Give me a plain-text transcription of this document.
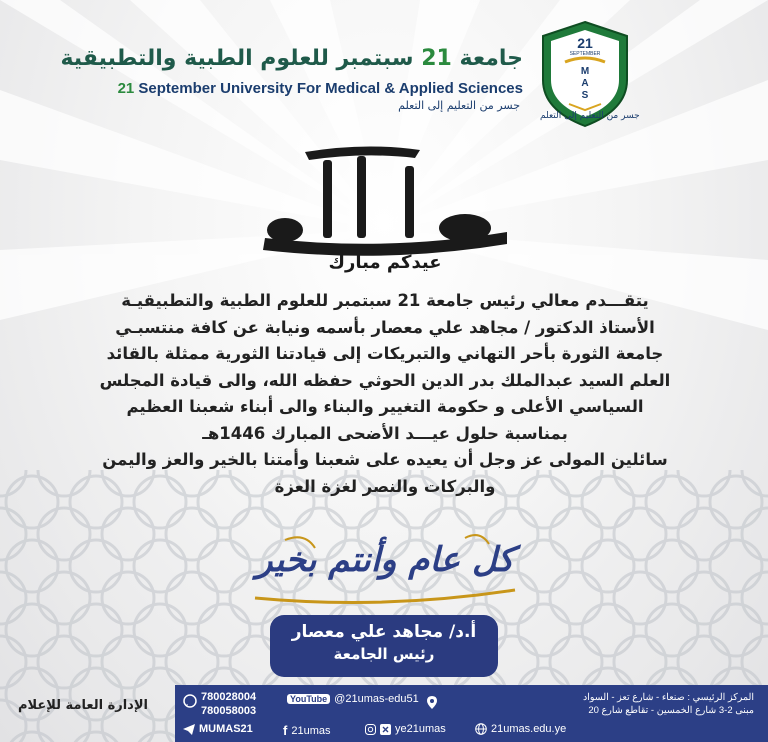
جامعة 21 سبتمبر للعلوم الطبية والتطبيقية
21 September University For Medical & Applied Sciences
جسر من التعليم إلى التعلم
21
SEPTEMBER
M
A
S
جسر من التعليم إلى التعلم
عيدكم مبارك
يتقـــدم معالي رئيس جامعة 21 سبتمبر للعلوم الطبية والتطبيقيـة
الأستاذ الدكتور / مجاهد علي معصار بأسمه ونيابة عن كافة منتسبـي
جامعة الثورة بأحر التهاني والتبريكات إلى قيادتنا الثورية ممثلة بالقائد
العلم السيد عبدالملك بدر الدين الحوثي حفظه الله، والى قيادة المجلس
السياسي الأعلى و حكومة التغيير والبناء والى أبناء شعبنا العظيم
بمناسبة حلول عيـــد الأضحى المبارك 1446هـ
سائلين المولى عز وجل أن يعيده على شعبنا وأمتنا بالخير والعز واليمن
والبركات والنصر لغزة العزة
كل عام وأنتم بخير
أ.د/ مجاهد علي معصار
رئيس الجامعة
الإدارة العامة للإعلام
المركز الرئيسي : صنعاء - شارع تعز - السواد
مبنى 2-3 شارع الخمسين - تقاطع شارع 20
YouTube @21umas-edu51
780028004
780058003
MUMAS21 f 21umas	ye21umas	21umas.edu.ye
